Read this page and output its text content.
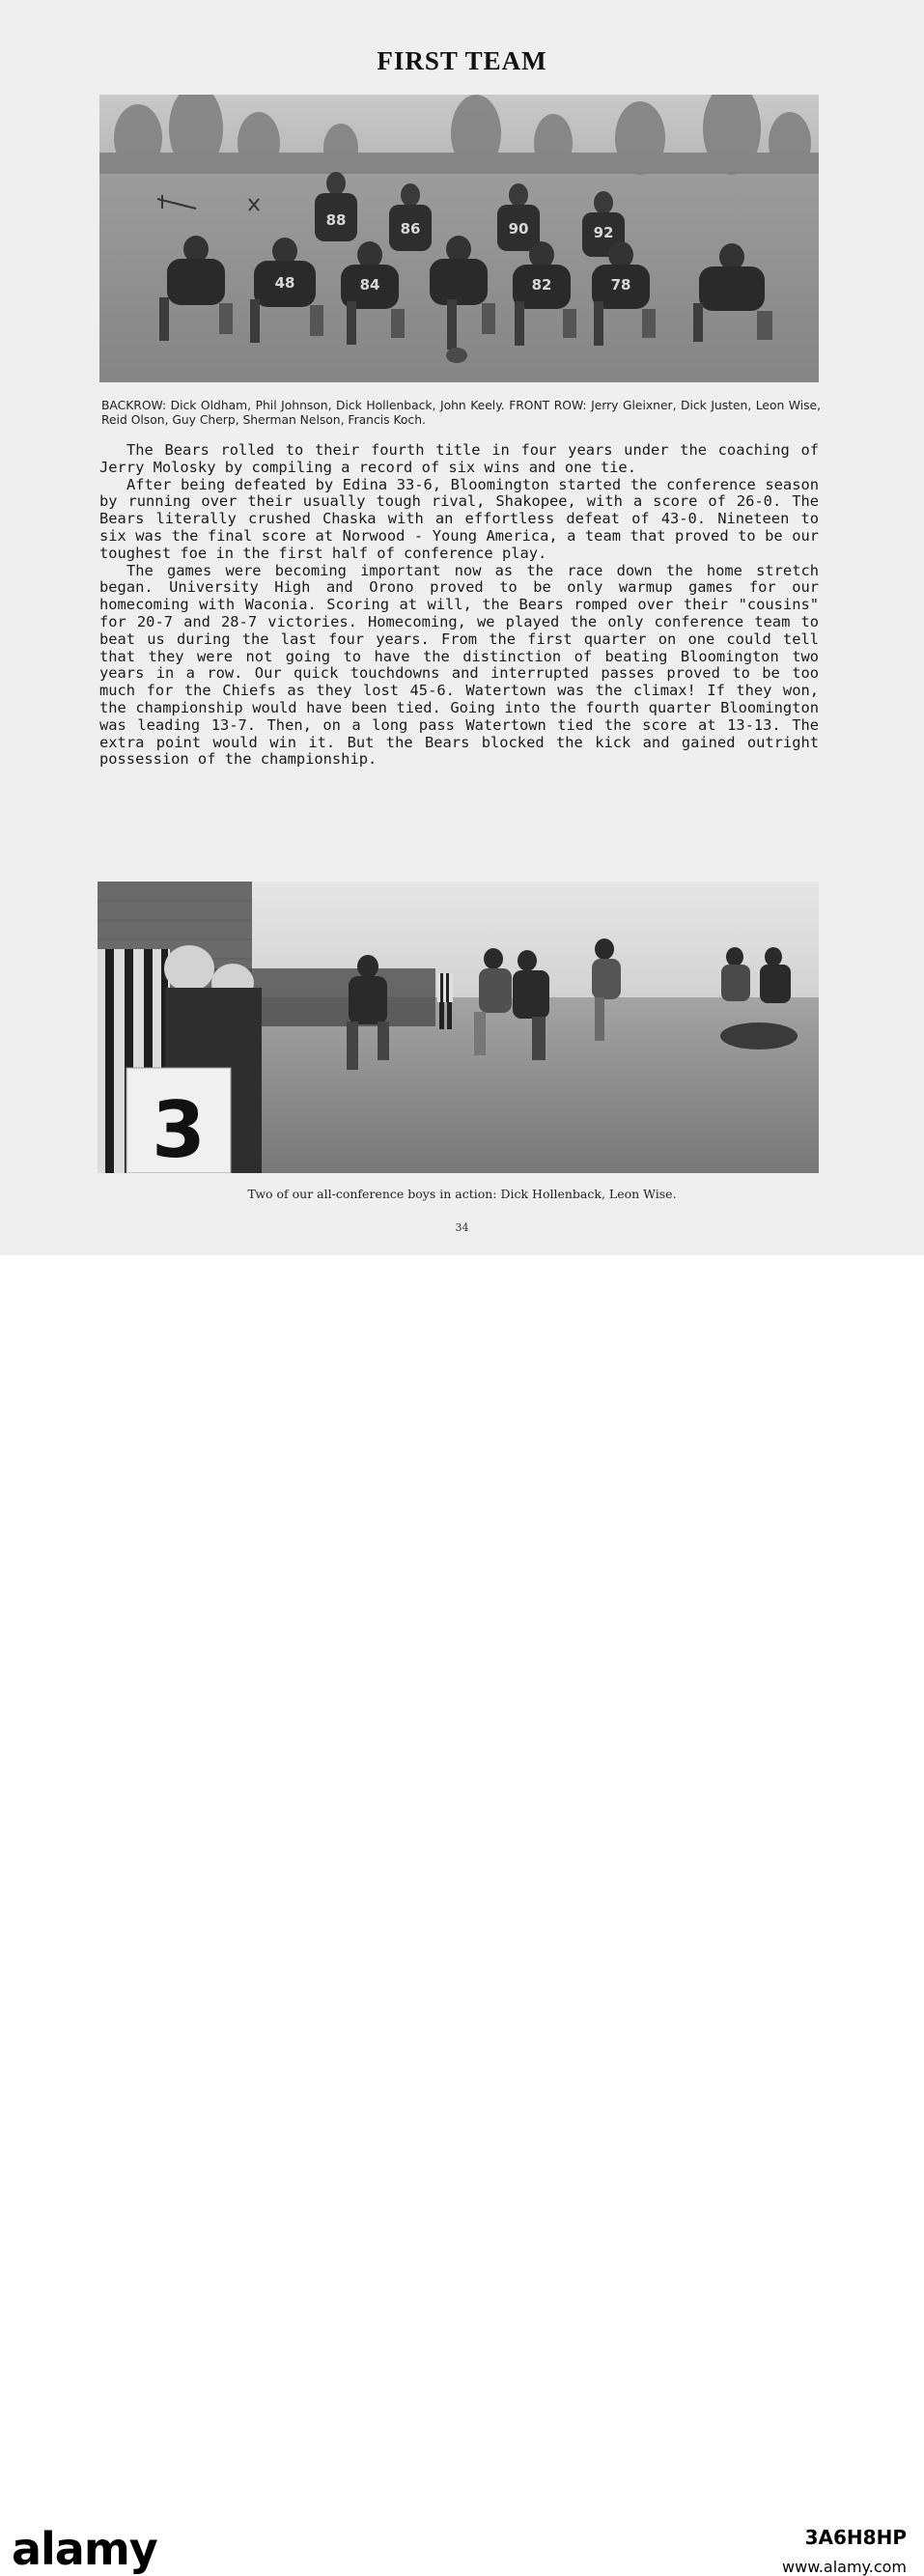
FIRST TEAM
88	86	90	92
48	84	82	78
BACKROW: Dick Oldham, Phil Johnson, Dick Hollenback, John Keely. FRONT ROW: Jerry Gleixner, Dick Justen, Leon Wise, Reid Olson, Guy Cherp, Sherman Nelson, Francis Koch.

The Bears rolled to their fourth title in four years under the coaching of Jerry Molosky by compiling a record of six wins and one tie.

After being defeated by Edina 33-6, Bloomington started the conference season by running over their usually tough rival, Shakopee, with a score of 26-0. The Bears literally crushed Chaska with an effortless defeat of 43-0. Nineteen to six was the final score at Norwood - Young America, a team that proved to be our toughest foe in the first half of conference play.

The games were becoming important now as the race down the home stretch began. University High and Orono proved to be only warmup games for our homecoming with Waconia. Scoring at will, the Bears romped over their "cousins" for 20-7 and 28-7 victories. Homecoming, we played the only conference team to beat us during the last four years. From the first quarter on one could tell that they were not going to have the distinction of beating Bloomington two years in a row. Our quick touchdowns and interrupted passes proved to be too much for the Chiefs as they lost 45-6. Watertown was the climax! If they won, the championship would have been tied. Going into the fourth quarter Bloomington was leading 13-7. Then, on a long pass Watertown tied the score at 13-13. The extra point would win it. But the Bears blocked the kick and gained outright possession of the championship.

3
Two of our all-conference boys in action: Dick Hollenback, Leon Wise.
34
alamy	3A6H8HP
www.alamy.com
